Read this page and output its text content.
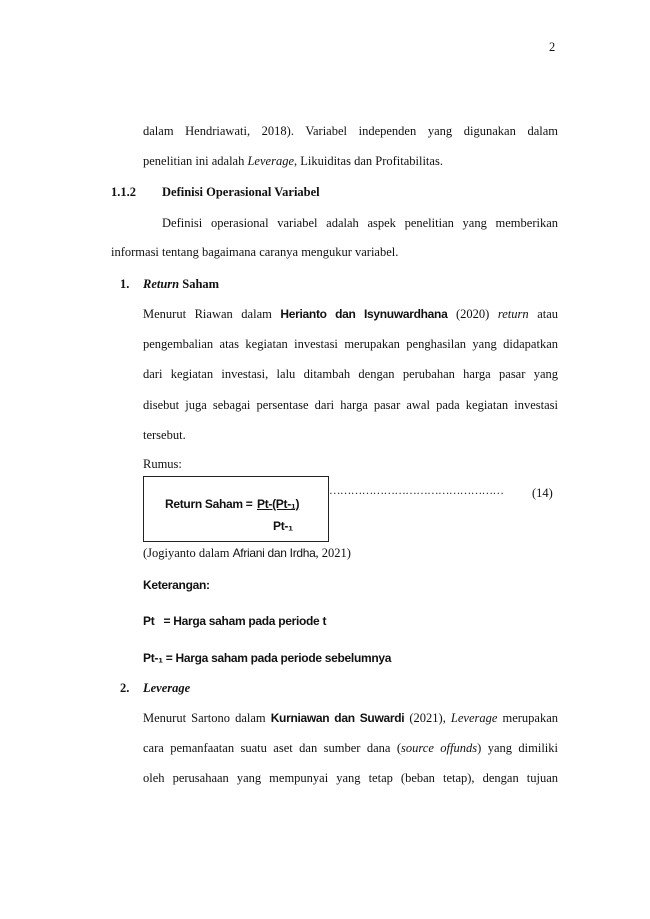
2
dalam Hendriawati, 2018). Variabel independen yang digunakan dalam
penelitian ini adalah Leverage, Likuiditas dan Profitabilitas.
1.1.2 Definisi Operasional Variabel
Definisi operasional variabel adalah aspek penelitian yang memberikan
informasi tentang bagaimana caranya mengukur variabel.
1. Return Saham
Menurut Riawan dalam Herianto dan Isynuwardhana (2020) return atau
pengembalian atas kegiatan investasi merupakan penghasilan yang didapatkan
dari kegiatan investasi, lalu ditambah dengan perubahan harga pasar yang
disebut juga sebagai persentase dari harga pasar awal pada kegiatan investasi
tersebut.
Rumus:
Return Saham = Pt-(Pt-₁)
Pt-₁
…………………………………………	(14)
(Jogiyanto dalam Afriani dan Irdha, 2021)
Keterangan:
Pt   = Harga saham pada periode t
Pt-₁ = Harga saham pada periode sebelumnya
2. Leverage
Menurut Sartono dalam Kurniawan dan Suwardi (2021), Leverage merupakan
cara pemanfaatan suatu aset dan sumber dana (source offunds) yang dimiliki
oleh perusahaan yang mempunyai yang tetap (beban tetap), dengan tujuan
